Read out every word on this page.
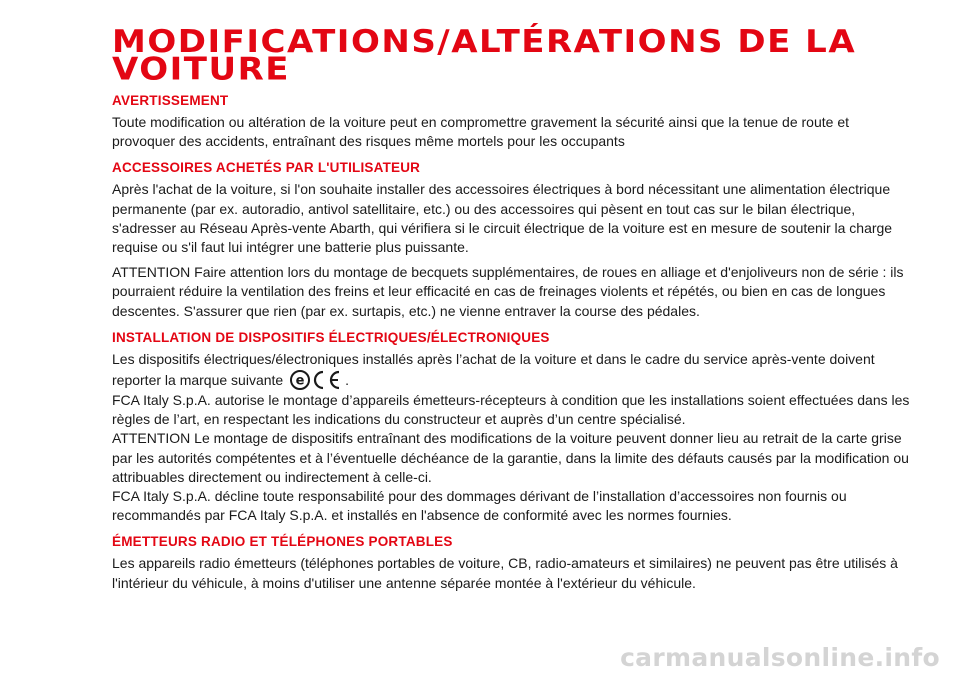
MODIFICATIONS/ALTÉRATIONS DE LA VOITURE
AVERTISSEMENT

Toute modification ou altération de la voiture peut en compromettre gravement la sécurité ainsi que la tenue de route et provoquer des accidents, entraînant des risques même mortels pour les occupants

ACCESSOIRES ACHETÉS PAR L'UTILISATEUR

Après l'achat de la voiture, si l'on souhaite installer des accessoires électriques à bord nécessitant une alimentation électrique permanente (par ex. autoradio, antivol satellitaire, etc.) ou des accessoires qui pèsent en tout cas sur le bilan électrique, s'adresser au Réseau Après-vente Abarth, qui vérifiera si le circuit électrique de la voiture est en mesure de soutenir la charge requise ou s'il faut lui intégrer une batterie plus puissante.

ATTENTION Faire attention lors du montage de becquets supplémentaires, de roues en alliage et d'enjoliveurs non de série : ils pourraient réduire la ventilation des freins et leur efficacité en cas de freinages violents et répétés, ou bien en cas de longues descentes. S'assurer que rien (par ex. surtapis, etc.) ne vienne entraver la course des pédales.

INSTALLATION DE DISPOSITIFS ÉLECTRIQUES/ÉLECTRONIQUES

Les dispositifs électriques/électroniques installés après l’achat de la voiture et dans le cadre du service après-vente doivent
reporter la marque suivante e	.
FCA Italy S.p.A. autorise le montage d’appareils émetteurs-récepteurs à condition que les installations soient effectuées dans les règles de l’art, en respectant les indications du constructeur et auprès d’un centre spécialisé.
ATTENTION Le montage de dispositifs entraînant des modifications de la voiture peuvent donner lieu au retrait de la carte grise par les autorités compétentes et à l’éventuelle déchéance de la garantie, dans la limite des défauts causés par la modification ou attribuables directement ou indirectement à celle-ci.
FCA Italy S.p.A. décline toute responsabilité pour des dommages dérivant de l’installation d’accessoires non fournis ou recommandés par FCA Italy S.p.A. et installés en l'absence de conformité avec les normes fournies.

ÉMETTEURS RADIO ET TÉLÉPHONES PORTABLES

Les appareils radio émetteurs (téléphones portables de voiture, CB, radio-amateurs et similaires) ne peuvent pas être utilisés à l'intérieur du véhicule, à moins d'utiliser une antenne séparée montée à l'extérieur du véhicule.

carmanualsonline.info
